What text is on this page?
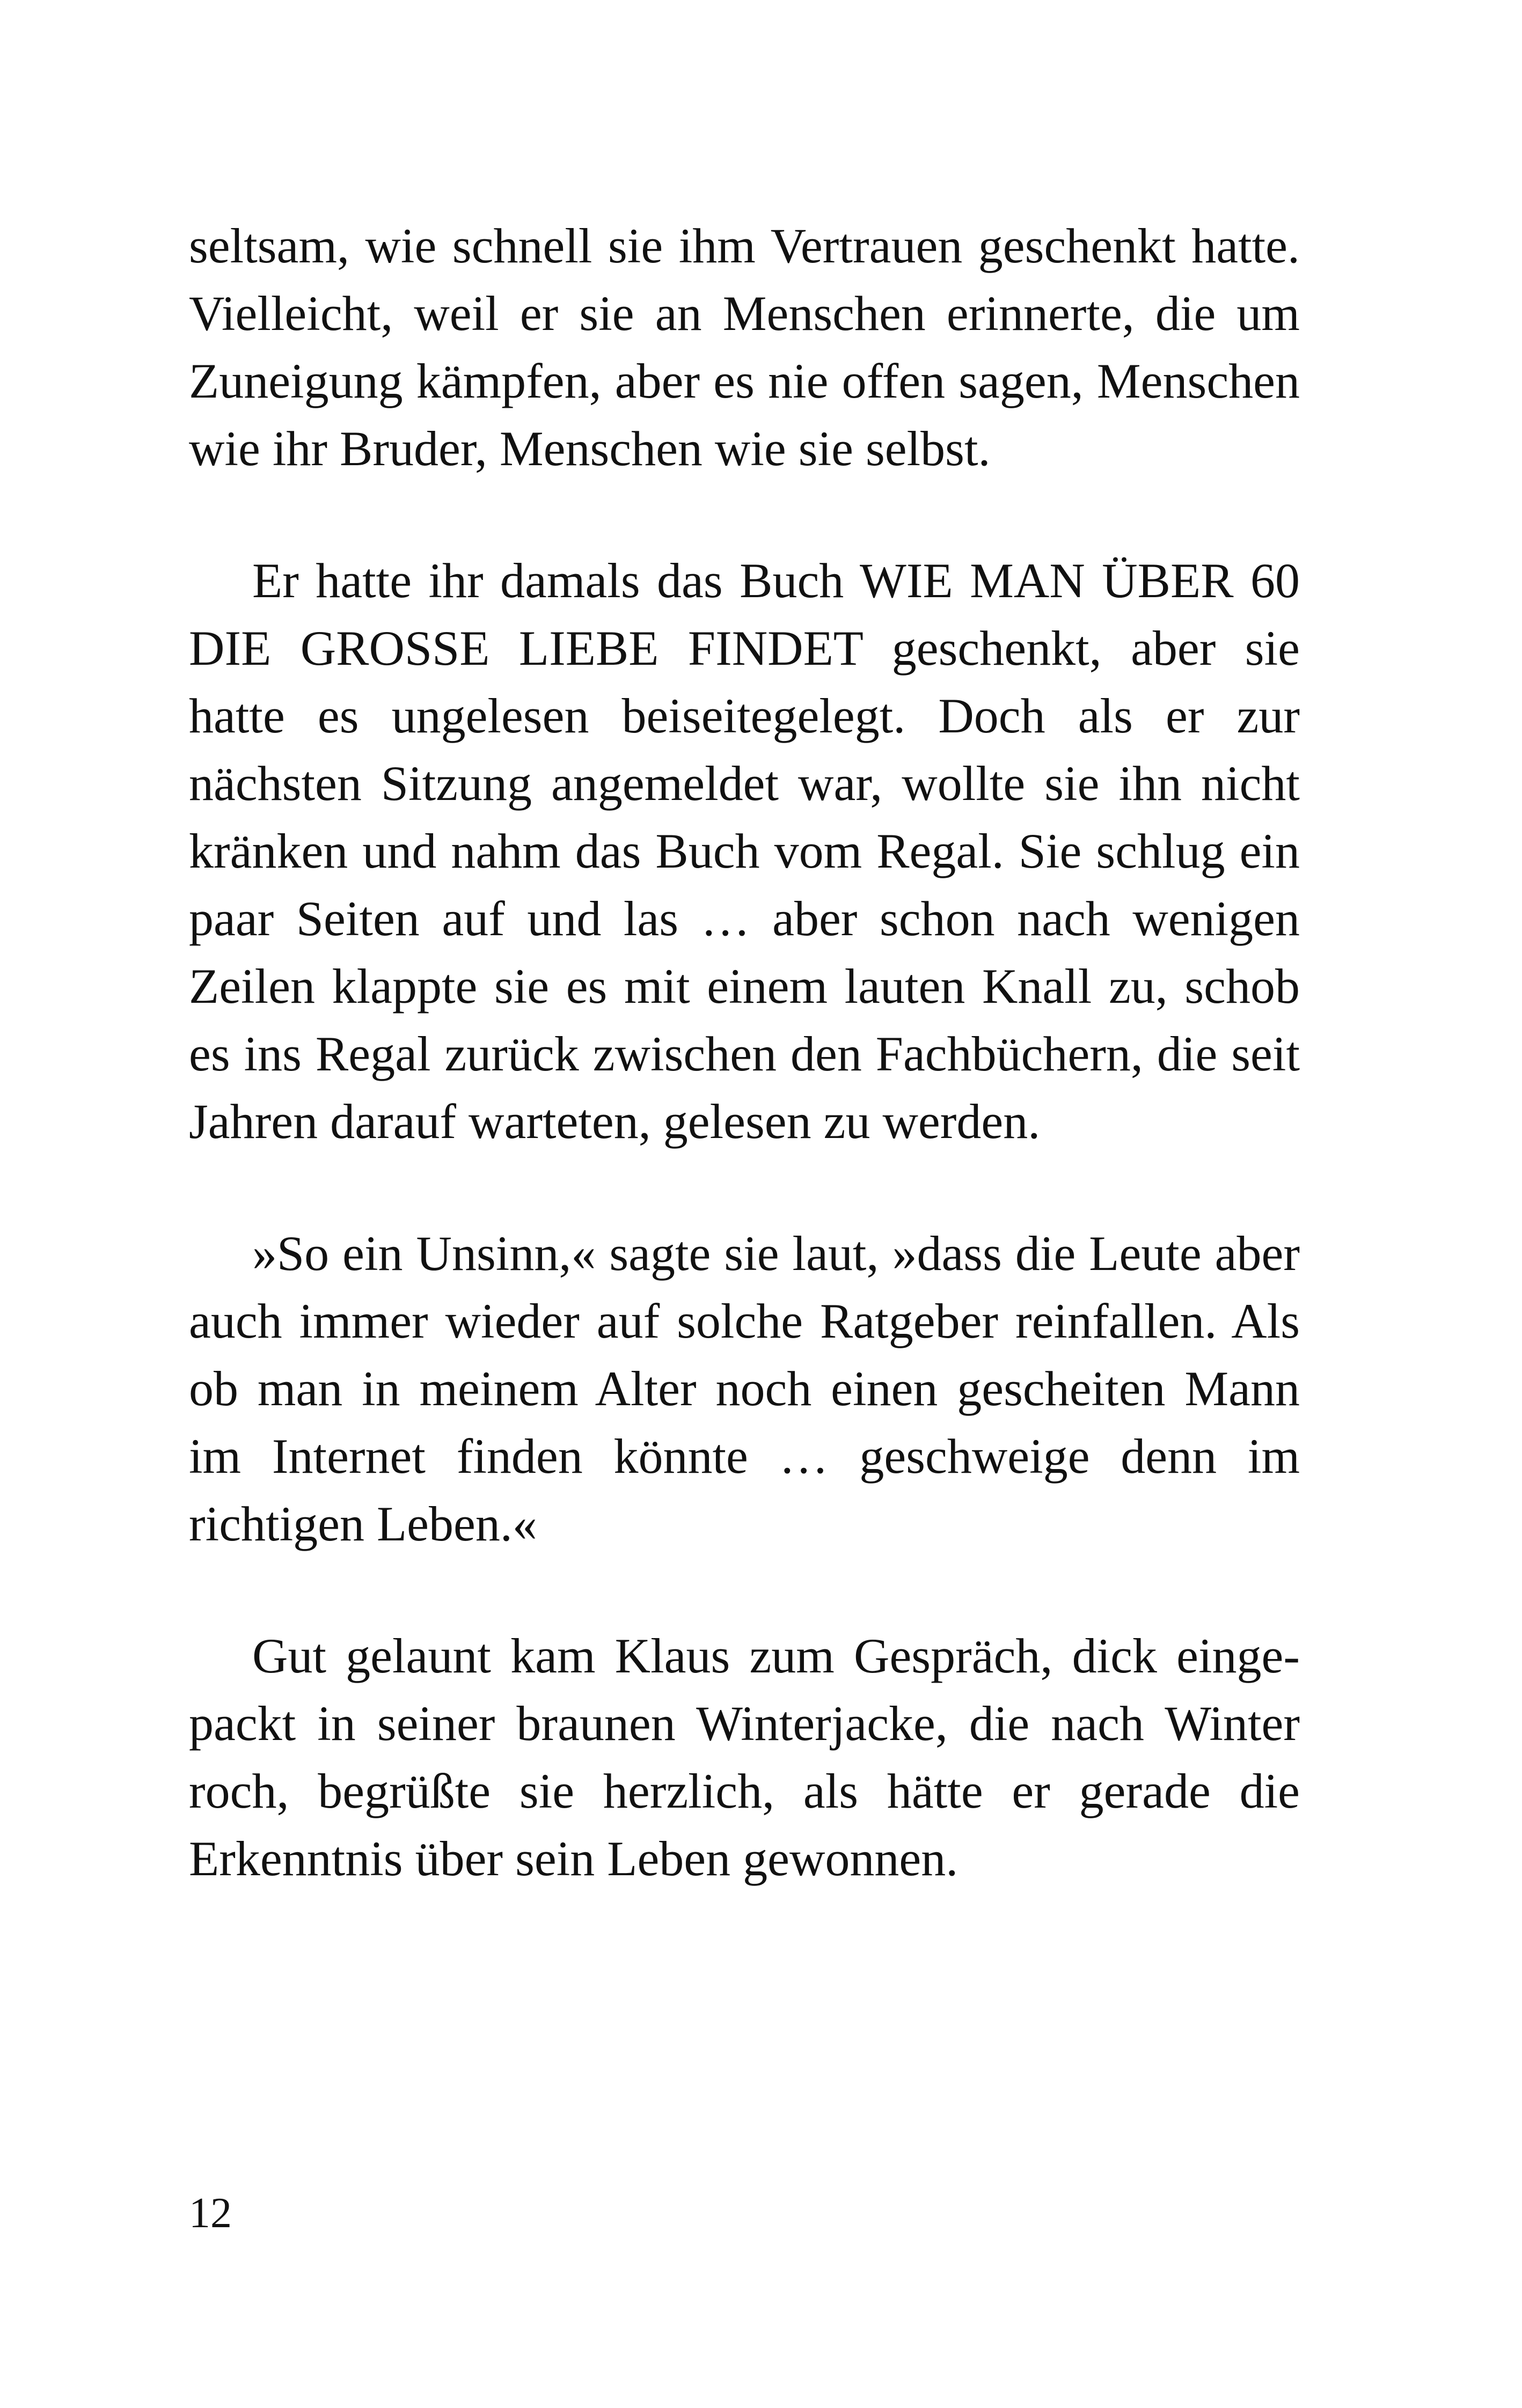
seltsam, wie schnell sie ihm Vertrauen geschenkt hatte. Vielleicht, weil er sie an Menschen erinnerte, die um Zuneigung kämpfen, aber es nie offen sagen, Menschen wie ihr Bruder, Menschen wie sie selbst.

Er hatte ihr damals das Buch WIE MAN ÜBER 60 DIE GROSSE LIEBE FINDET geschenkt, aber sie hatte es ungelesen beiseitegelegt. Doch als er zur nächsten Sitzung angemeldet war, wollte sie ihn nicht kränken und nahm das Buch vom Regal. Sie schlug ein paar Seiten auf und las … aber schon nach wenigen Zeilen klappte sie es mit einem lauten Knall zu, schob es ins Regal zurück zwischen den Fachbüchern, die seit Jahren darauf warteten, gelesen zu werden.

»So ein Unsinn,« sagte sie laut, »dass die Leute aber auch immer wieder auf solche Ratgeber reinfallen. Als ob man in meinem Alter noch einen gescheiten Mann im Internet finden könnte … geschweige denn im richtigen Leben.«

Gut gelaunt kam Klaus zum Gespräch, dick eingepackt in seiner braunen Winterjacke, die nach Winter roch, begrüßte sie herzlich, als hätte er gerade die Erkenntnis über sein Leben gewonnen.

12
